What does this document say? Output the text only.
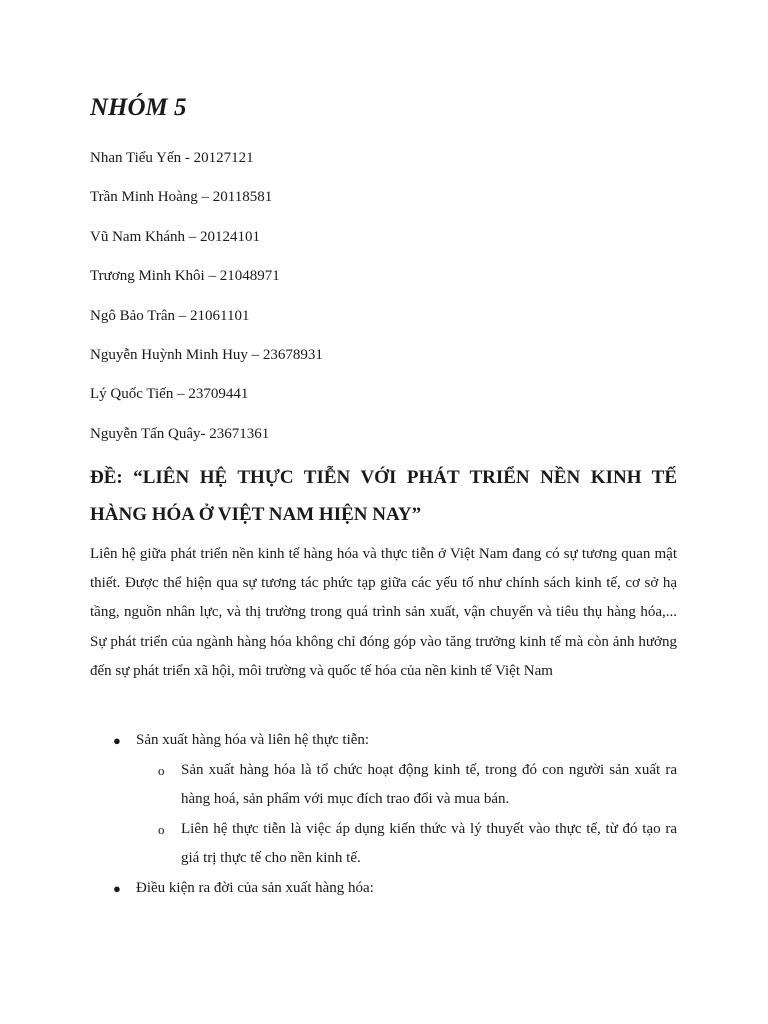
NHÓM 5
Nhan Tiểu Yến - 20127121
Trần Minh Hoàng – 20118581
Vũ Nam Khánh – 20124101
Trương Minh Khôi – 21048971
Ngô Bảo Trân – 21061101
Nguyễn Huỳnh Minh Huy – 23678931
Lý Quốc Tiến – 23709441
Nguyễn Tấn Quây- 23671361
ĐỀ: “LIÊN HỆ THỰC TIỄN VỚI PHÁT TRIỂN NỀN KINH TẾ HÀNG HÓA Ở VIỆT NAM HIỆN NAY”

Liên hệ giữa phát triển nền kinh tế hàng hóa và thực tiễn ở Việt Nam đang có sự tương quan mật thiết. Được thể hiện qua sự tương tác phức tạp giữa các yếu tố như chính sách kinh tế, cơ sở hạ tầng, nguồn nhân lực, và thị trường trong quá trình sản xuất, vận chuyển và tiêu thụ hàng hóa,... Sự phát triển của ngành hàng hóa không chỉ đóng góp vào tăng trưởng kinh tế mà còn ảnh hưởng đến sự phát triển xã hội, môi trường và quốc tế hóa của nền kinh tế Việt Nam

● Sản xuất hàng hóa và liên hệ thực tiễn:
o Sản xuất hàng hóa là tổ chức hoạt động kinh tế, trong đó con người sản xuất ra hàng hoá, sản phẩm với mục đích trao đổi và mua bán.

o Liên hệ thực tiễn là việc áp dụng kiến thức và lý thuyết vào thực tế, từ đó tạo ra giá trị thực tế cho nền kinh tế.

● Điều kiện ra đời của sản xuất hàng hóa:
